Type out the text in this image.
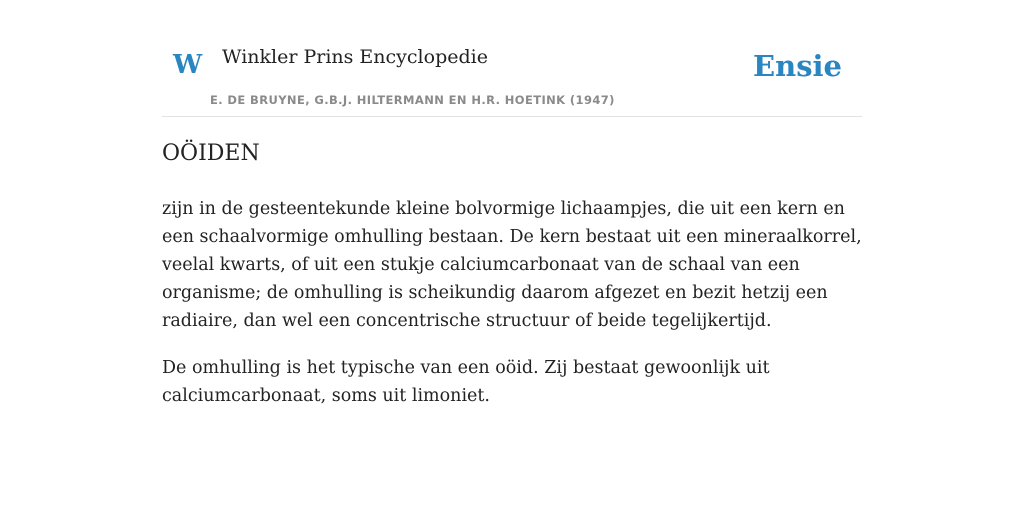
W Winkler Prins Encyclopedie
E. DE BRUYNE, G.B.J. HILTERMANN EN H.R. HOETINK (1947)
Ensie
OÖIDEN

zijn in de gesteentekunde kleine bolvormige lichaampjes, die uit een kern en een schaalvormige omhulling bestaan. De kern bestaat uit een mineraalkorrel, veelal kwarts, of uit een stukje calciumcarbonaat van de schaal van een organisme; de omhulling is scheikundig daarom afgezet en bezit hetzij een radiaire, dan wel een concentrische structuur of beide tegelijkertijd.

De omhulling is het typische van een oöid. Zij bestaat gewoonlijk uit calciumcarbonaat, soms uit limoniet.
